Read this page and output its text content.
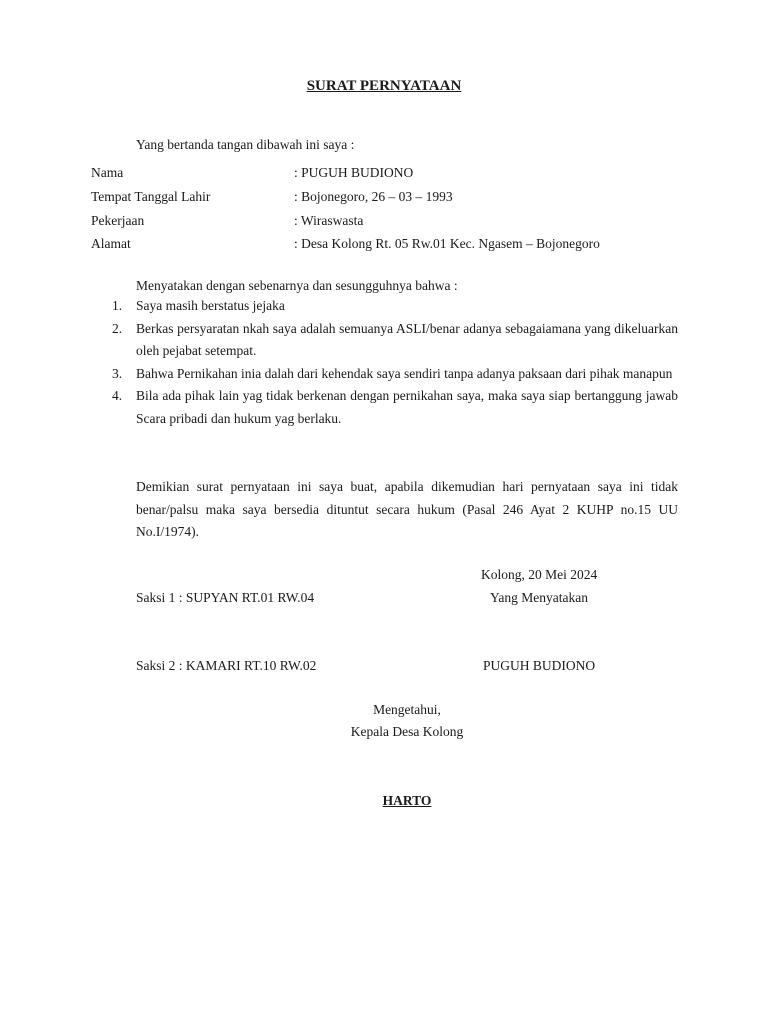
SURAT PERNYATAAN
Yang bertanda tangan dibawah ini saya :
Nama	: PUGUH BUDIONO
Tempat Tanggal Lahir	: Bojonegoro, 26 – 03 – 1993
Pekerjaan	: Wiraswasta
Alamat	: Desa Kolong Rt. 05 Rw.01 Kec. Ngasem – Bojonegoro
Menyatakan dengan sebenarnya dan sesungguhnya bahwa :
1. Saya masih berstatus jejaka
2. Berkas persyaratan nkah saya adalah semuanya ASLI/benar adanya sebagaiamana yang dikeluarkan oleh pejabat setempat.
3. Bahwa Pernikahan inia dalah dari kehendak saya sendiri tanpa adanya paksaan dari pihak manapun
4. Bila ada pihak lain yag tidak berkenan dengan pernikahan saya, maka saya siap bertanggung jawab Scara pribadi dan hukum yag berlaku.

Demikian surat pernyataan ini saya buat, apabila dikemudian hari pernyataan saya ini tidak benar/palsu maka saya bersedia dituntut secara hukum (Pasal 246 Ayat 2 KUHP no.15 UU No.I/1974).

Kolong, 20 Mei 2024
Saksi 1 : SUPYAN RT.01 RW.04	Yang Menyatakan
Saksi 2 : KAMARI RT.10 RW.02	PUGUH BUDIONO
Mengetahui,
Kepala Desa Kolong
HARTO
